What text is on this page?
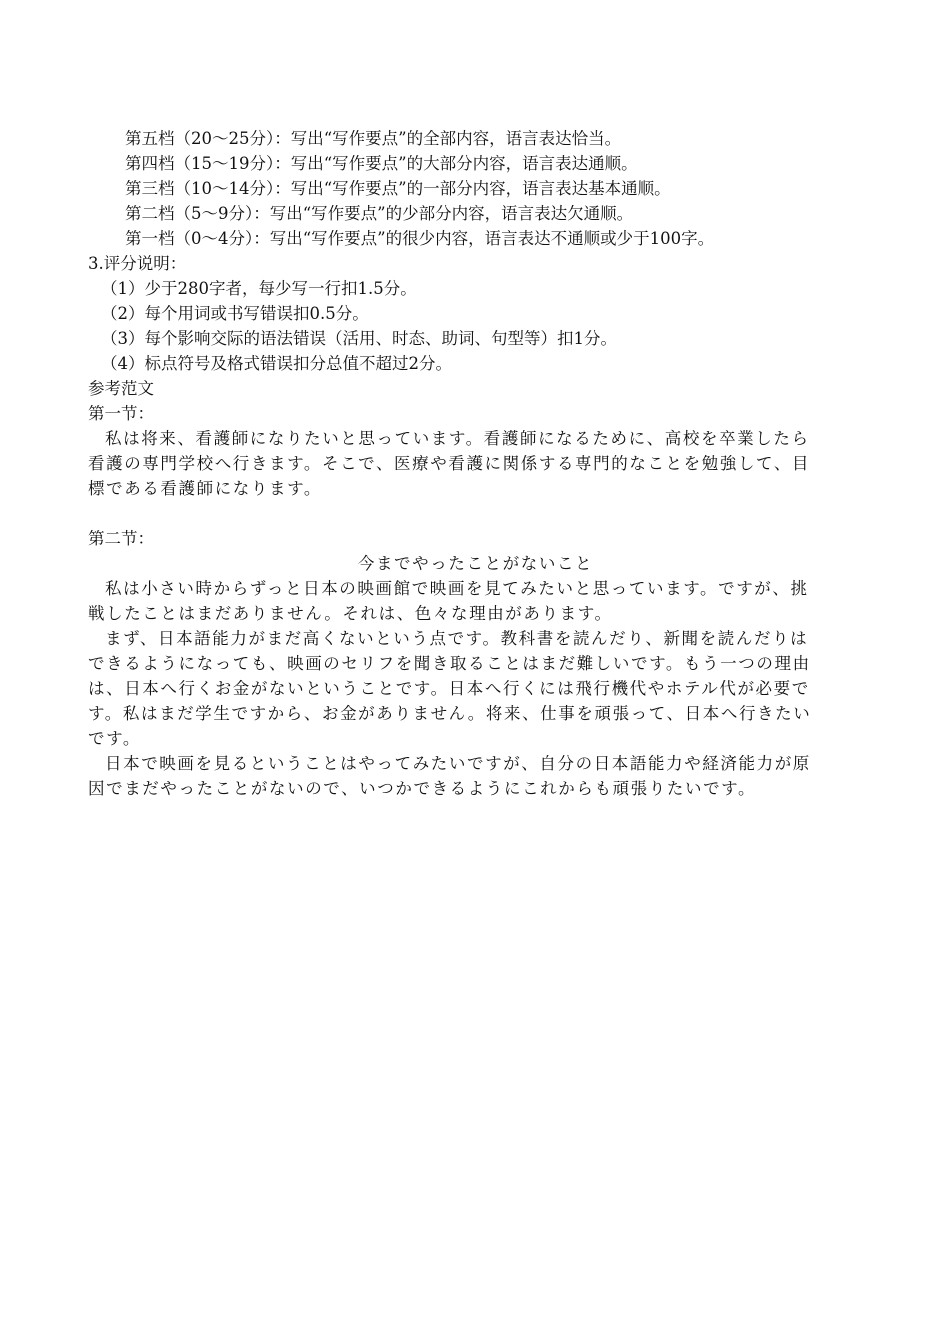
第五档（20～25分）：写出“写作要点”的全部内容，语言表达恰当。
第四档（15～19分）：写出“写作要点”的大部分内容，语言表达通顺。
第三档（10～14分）：写出“写作要点”的一部分内容，语言表达基本通顺。
第二档（5～9分）：写出“写作要点”的少部分内容，语言表达欠通顺。
第一档（0～4分）：写出“写作要点”的很少内容，语言表达不通顺或少于100字。
3.评分说明：
（1）少于280字者，每少写一行扣1.5分。
（2）每个用词或书写错误扣0.5分。
（3）每个影响交际的语法错误（活用、时态、助词、句型等）扣1分。
（4）标点符号及格式错误扣分总值不超过2分。
参考范文
第一节：
私は将来、看護師になりたいと思っています。看護師になるために、高校を卒業したら
看護の専門学校へ行きます。そこで、医療や看護に関係する専門的なことを勉強して、目
標である看護師になります。
第二节：
今までやったことがないこと
私は小さい時からずっと日本の映画館で映画を見てみたいと思っています。ですが、挑
戦したことはまだありません。それは、色々な理由があります。
まず、日本語能力がまだ高くないという点です。教科書を読んだり、新聞を読んだりは
できるようになっても、映画のセリフを聞き取ることはまだ難しいです。もう一つの理由
は、日本へ行くお金がないということです。日本へ行くには飛行機代やホテル代が必要で
す。私はまだ学生ですから、お金がありません。将来、仕事を頑張って、日本へ行きたい
です。
日本で映画を見るということはやってみたいですが、自分の日本語能力や経済能力が原
因でまだやったことがないので、いつかできるようにこれからも頑張りたいです。
